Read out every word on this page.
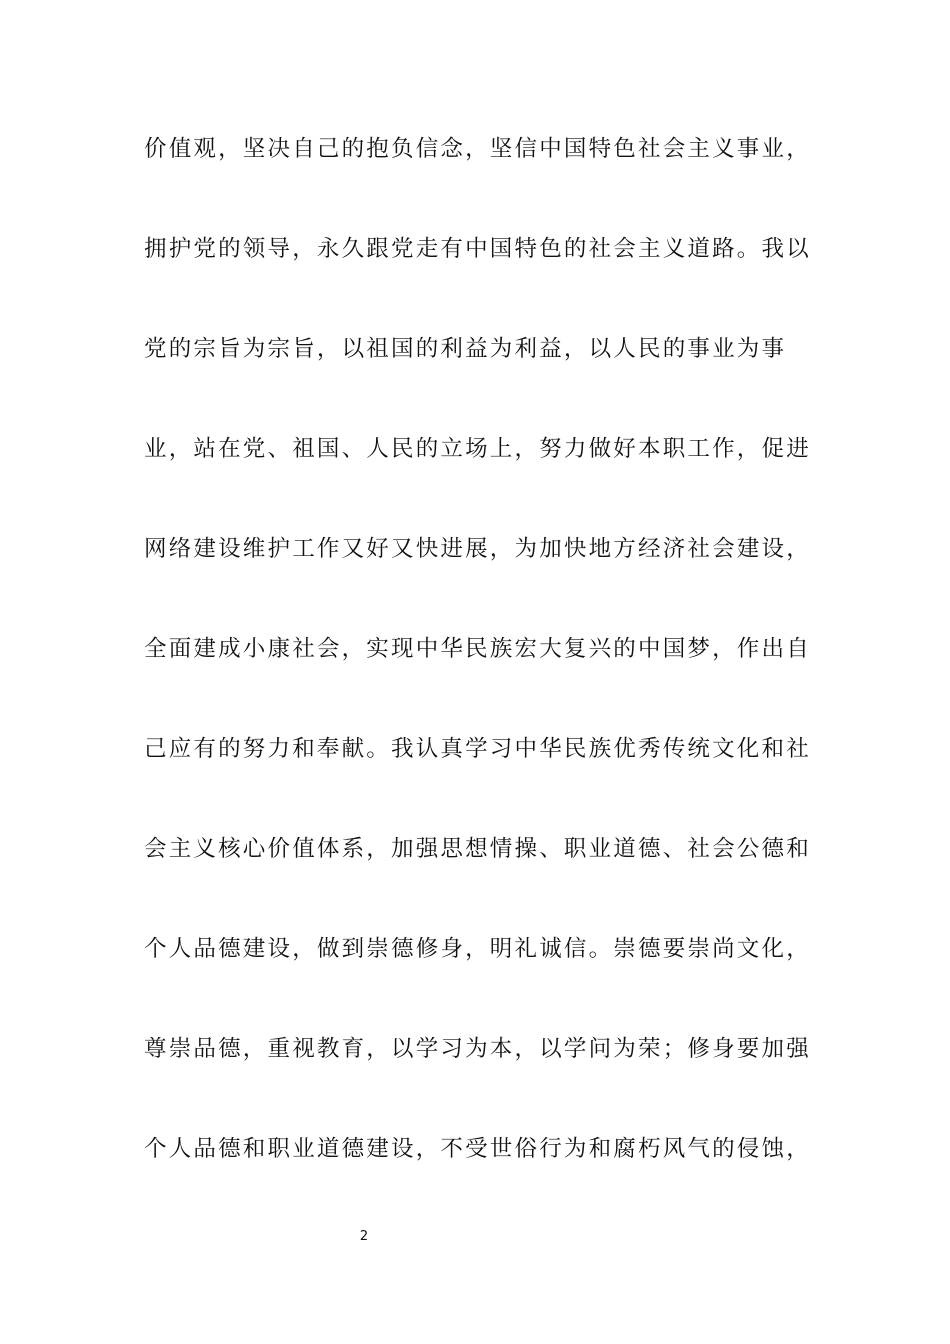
价值观，坚决自己的抱负信念，坚信中国特色社会主义事业，
拥护党的领导，永久跟党走有中国特色的社会主义道路。我以
党的宗旨为宗旨，以祖国的利益为利益，以人民的事业为事
业，站在党、祖国、人民的立场上，努力做好本职工作，促进
网络建设维护工作又好又快进展，为加快地方经济社会建设，
全面建成小康社会，实现中华民族宏大复兴的中国梦，作出自
己应有的努力和奉献。我认真学习中华民族优秀传统文化和社
会主义核心价值体系，加强思想情操、职业道德、社会公德和
个人品德建设，做到崇德修身，明礼诚信。崇德要崇尚文化，
尊崇品德，重视教育，以学习为本，以学问为荣；修身要加强
个人品德和职业道德建设，不受世俗行为和腐朽风气的侵蚀，
2
